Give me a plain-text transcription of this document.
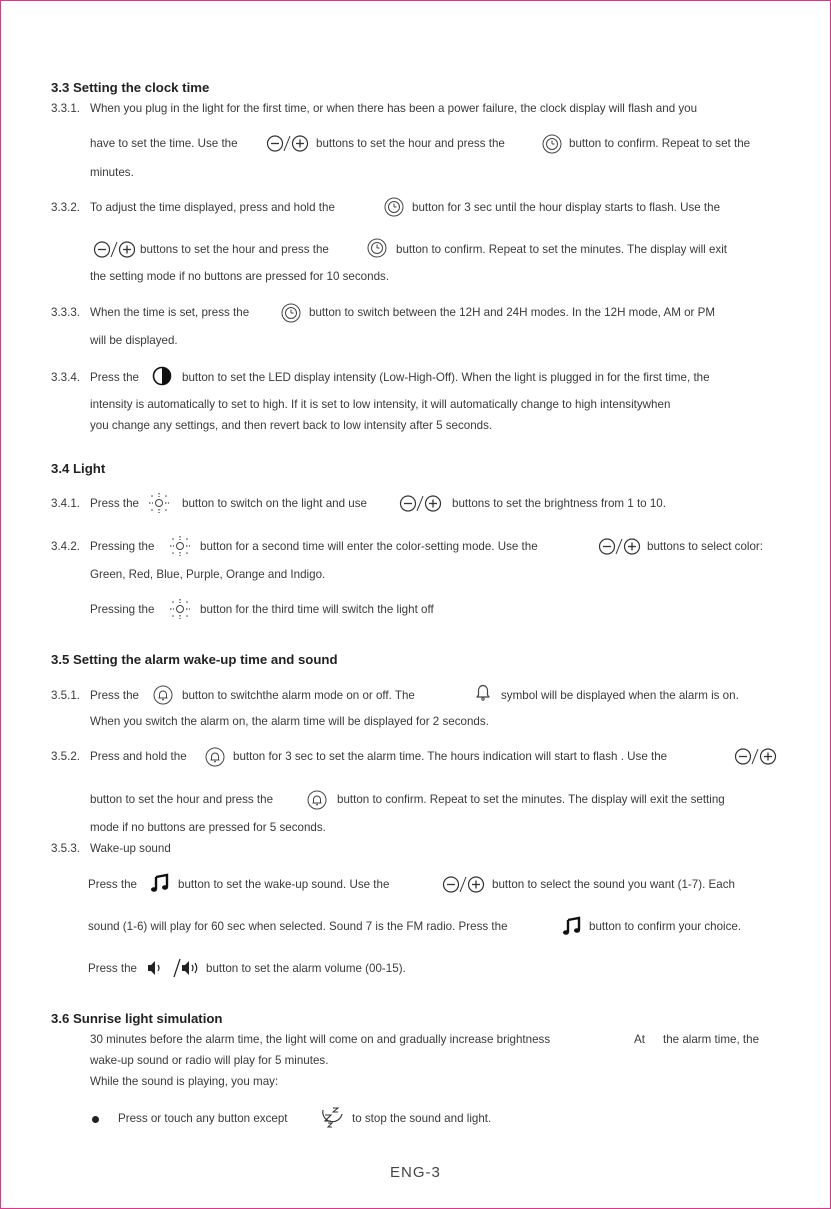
3.3 Setting the clock time
3.3.1. When you plug in the light for the first time, or when there has been a power failure, the clock display will flash and you
have to set the time. Use the	buttons to set the hour and press the	button to confirm. Repeat to set the
minutes.
3.3.2. To adjust the time displayed, press and hold the	button for 3 sec until the hour display starts to flash. Use the
buttons to set the hour and press the	button to confirm. Repeat to set the minutes. The display will exit
the setting mode if no buttons are pressed for 10 seconds.
3.3.3. When the time is set, press the	button to switch between the 12H and 24H modes. In the 12H mode, AM or PM
will be displayed.
3.3.4. Press the	button to set the LED display intensity (Low-High-Off). When the light is plugged in for the first time, the
intensity is automatically to set to high. If it is set to low intensity, it will automatically change to high intensitywhen
you change any settings, and then revert back to low intensity after 5 seconds.
3.4 Light
3.4.1. Press the	button to switch on the light and use	buttons to set the brightness from 1 to 10.
3.4.2. Pressing the	button for a second time will enter the color-setting mode. Use the	buttons to select color:
Green, Red, Blue, Purple, Orange and Indigo.
Pressing the	button for the third time will switch the light off
3.5 Setting the alarm wake-up time and sound
3.5.1. Press the	button to switchthe alarm mode on or off. The	symbol will be displayed when the alarm is on.
When you switch the alarm on, the alarm time will be displayed for 2 seconds.
3.5.2. Press and hold the	button for 3 sec to set the alarm time. The hours indication will start to flash . Use the
button to set the hour and press the	button to confirm. Repeat to set the minutes. The display will exit the setting
mode if no buttons are pressed for 5 seconds.
3.5.3. Wake-up sound
Press the	button to set the wake-up sound. Use the	button to select the sound you want (1-7). Each
sound (1-6) will play for 60 sec when selected. Sound 7 is the FM radio. Press the	button to confirm your choice.
Press the	button to set the alarm volume (00-15).
3.6 Sunrise light simulation
30 minutes before the alarm time, the light will come on and gradually increase brightness	At the alarm time, the
wake-up sound or radio will play for 5 minutes.
While the sound is playing, you may:
Press or touch any button except	to stop the sound and light.
ENG-3
